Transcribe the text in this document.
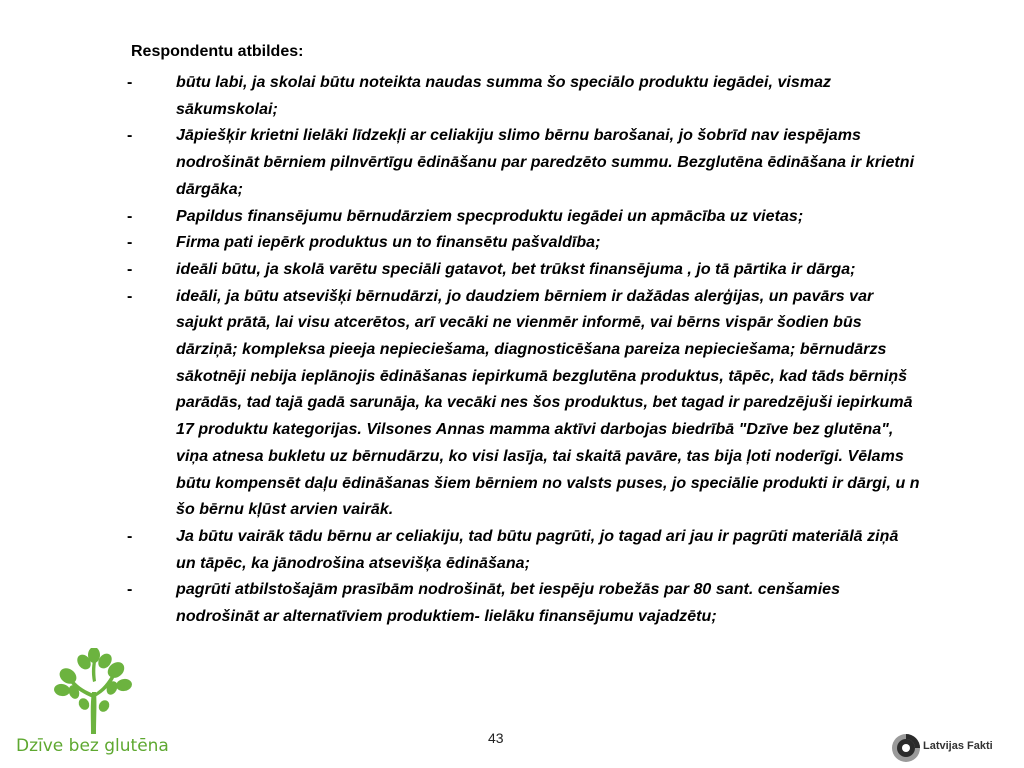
Respondentu atbildes:
-	būtu labi, ja skolai būtu noteikta naudas summa šo speciālo produktu iegādei, vismaz
sākumskolai;
-	Jāpiešķir krietni lielāki līdzekļi ar celiakiju slimo bērnu barošanai, jo šobrīd nav iespējams
nodrošināt bērniem pilnvērtīgu ēdināšanu par paredzēto summu. Bezglutēna ēdināšana ir krietni
dārgāka;
-	Papildus finansējumu bērnudārziem specproduktu iegādei un apmācība uz vietas;
-	Firma pati iepērk produktus un to finansētu pašvaldība;
-	ideāli būtu, ja skolā varētu speciāli gatavot, bet trūkst finansējuma , jo tā pārtika ir dārga;
-	ideāli, ja būtu atsevišķi bērnudārzi, jo daudziem bērniem ir dažādas alerģijas, un pavārs var
sajukt prātā, lai visu atcerētos, arī vecāki ne vienmēr informē, vai bērns vispār šodien būs
dārziņā; kompleksa pieeja nepieciešama, diagnosticēšana pareiza nepieciešama; bērnudārzs
sākotnēji nebija ieplānojis ēdināšanas iepirkumā bezglutēna produktus, tāpēc, kad tāds bērniņš
parādās, tad tajā gadā sarunāja, ka vecāki nes šos produktus, bet tagad ir paredzējuši iepirkumā
17 produktu kategorijas. Vilsones Annas mamma aktīvi darbojas biedrībā "Dzīve bez glutēna",
viņa atnesa bukletu uz bērnudārzu, ko visi lasīja, tai skaitā pavāre, tas bija ļoti noderīgi. Vēlams
būtu kompensēt daļu ēdināšanas šiem bērniem no valsts puses, jo speciālie produkti ir dārgi, u n
šo bērnu kļūst arvien vairāk.
-	Ja būtu vairāk tādu bērnu ar celiakiju, tad būtu pagrūti, jo tagad ari jau ir pagrūti materiālā ziņā
un tāpēc, ka jānodrošina atsevišķa ēdināšana;
-	pagrūti atbilstošajām prasībām nodrošināt, bet iespēju robežās par 80 sant. cenšamies
nodrošināt ar alternatīviem produktiem- lielāku finansējumu vajadzētu;
Dzīve bez glutēna	43	Latvijas Fakti
